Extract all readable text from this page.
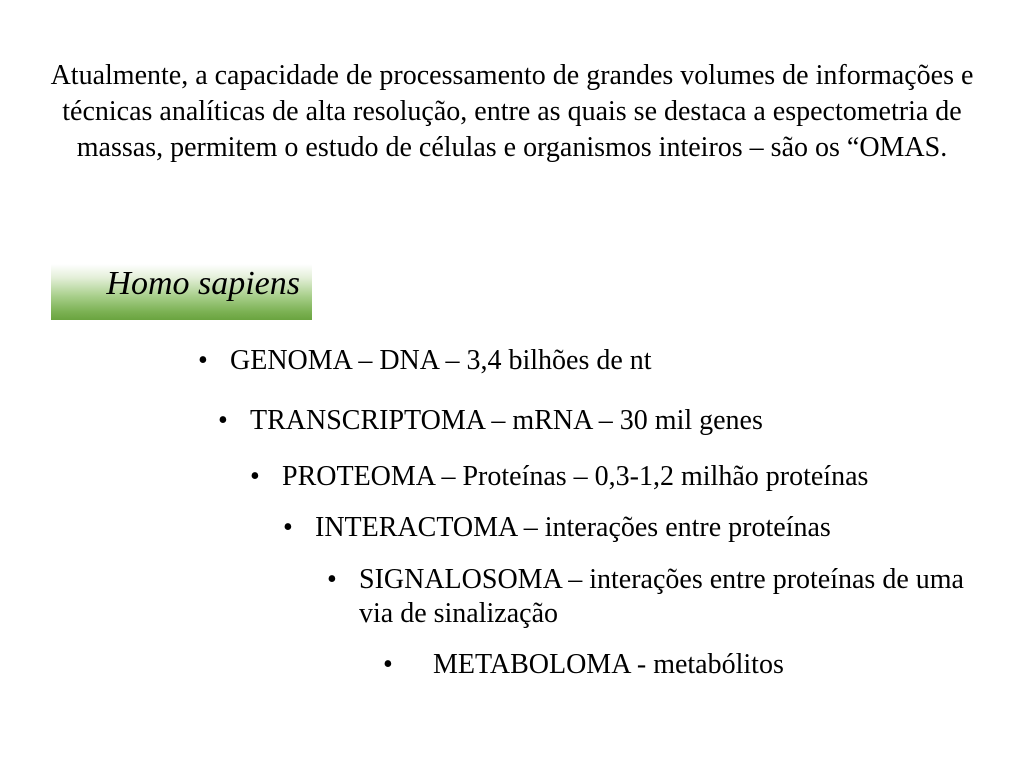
Atualmente, a capacidade de processamento de grandes volumes de informações e técnicas analíticas de alta resolução, entre as quais se destaca a espectometria de massas, permitem o estudo de células e organismos inteiros – são os “OMAS.

Homo sapiens
• GENOMA – DNA – 3,4 bilhões de nt
• TRANSCRIPTOMA – mRNA – 30 mil genes
• PROTEOMA – Proteínas – 0,3-1,2 milhão proteínas
• INTERACTOMA – interações entre proteínas
• SIGNALOSOMA – interações entre proteínas de uma via de sinalização
•	METABOLOMA - metabólitos
